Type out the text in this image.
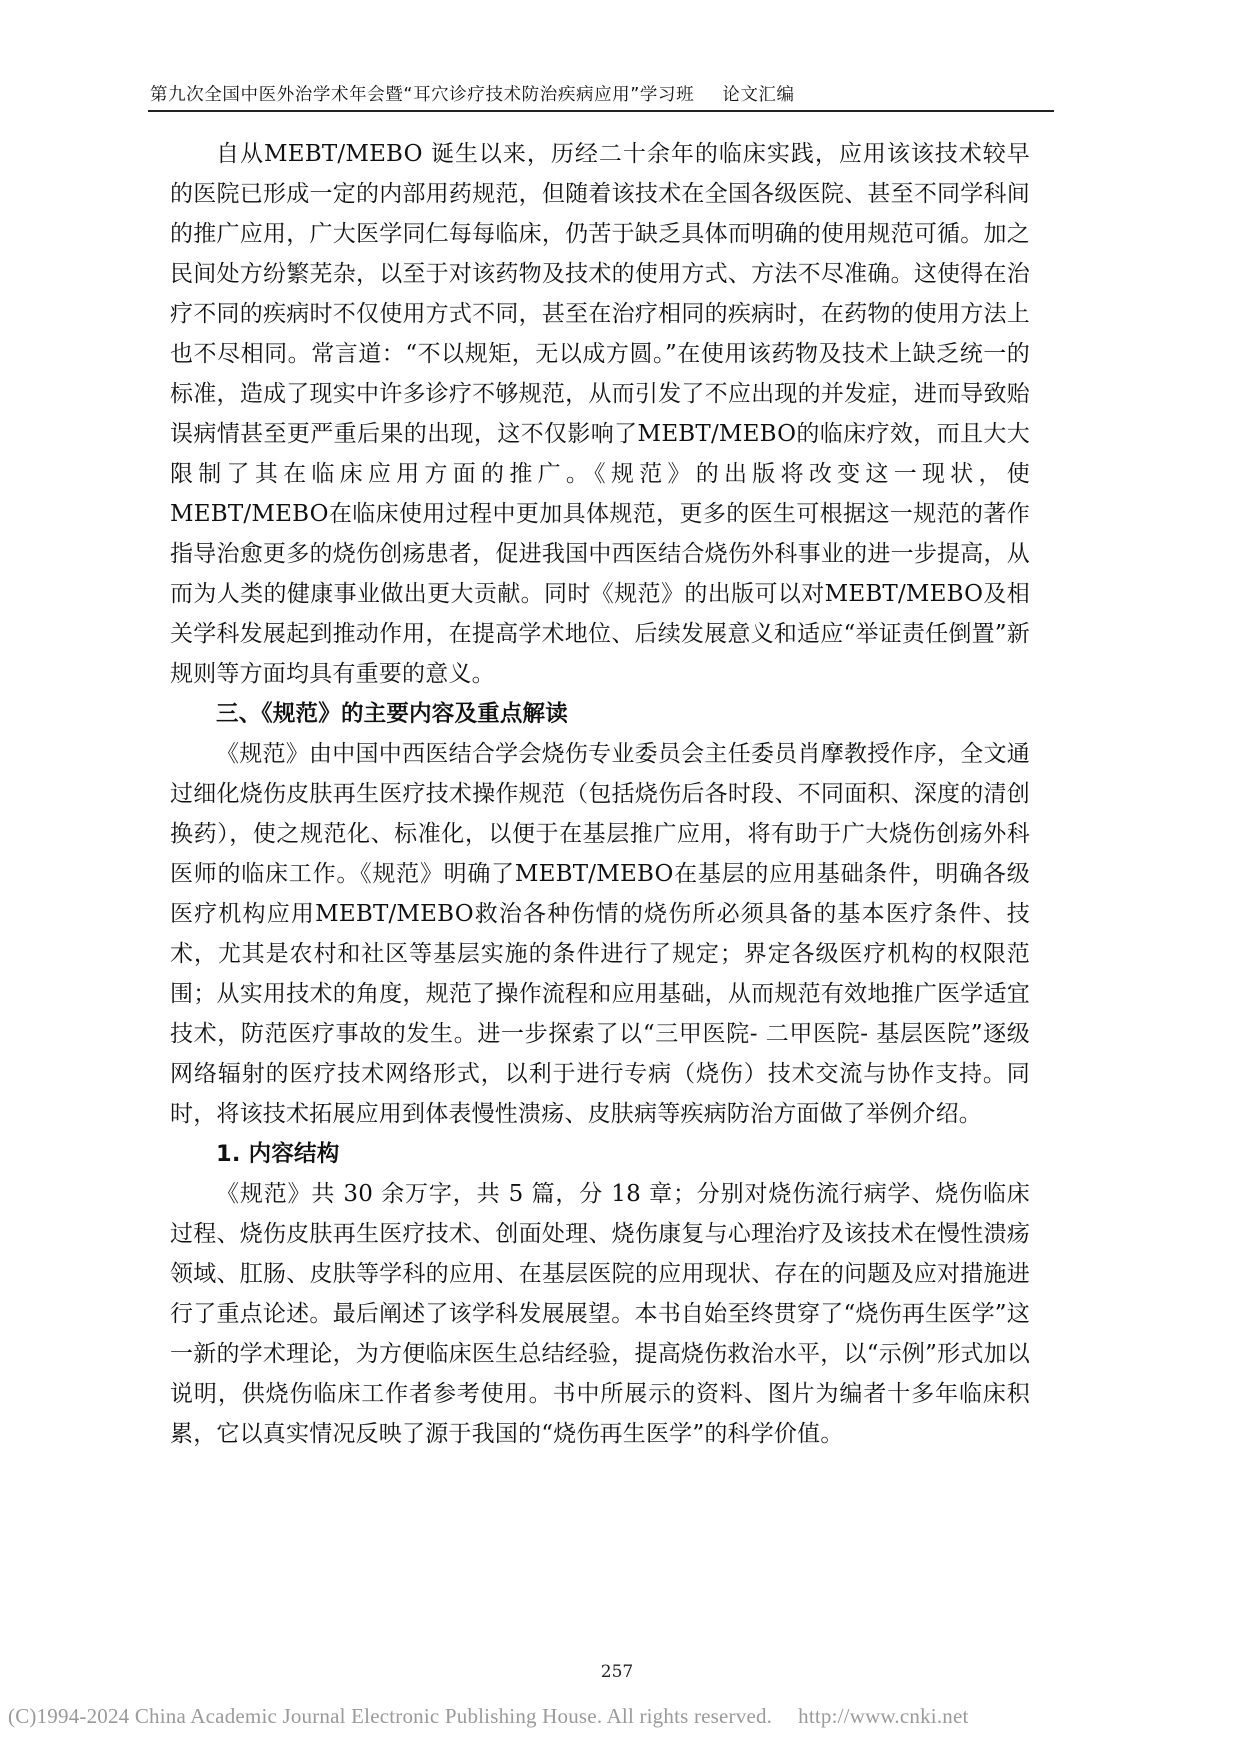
第九次全国中医外治学术年会暨“耳穴诊疗技术防治疾病应用”学习班 论文汇编

自从MEBT/MEBO 诞生以来，历经二十余年的临床实践，应用该该技术较早的医院已形成一定的内部用药规范，但随着该技术在全国各级医院、甚至不同学科间的推广应用，广大医学同仁每每临床，仍苦于缺乏具体而明确的使用规范可循。加之民间处方纷繁芜杂，以至于对该药物及技术的使用方式、方法不尽准确。这使得在治疗不同的疾病时不仅使用方式不同，甚至在治疗相同的疾病时，在药物的使用方法上也不尽相同。常言道：“不以规矩，无以成方圆。”在使用该药物及技术上缺乏统一的标准，造成了现实中许多诊疗不够规范，从而引发了不应出现的并发症，进而导致贻误病情甚至更严重后果的出现，这不仅影响了MEBT/MEBO的临床疗效，而且大大限制了其在临床应用方面的推广。《规范》的出版将改变这一现状，使MEBT/MEBO在临床使用过程中更加具体规范，更多的医生可根据这一规范的著作指导治愈更多的烧伤创疡患者，促进我国中西医结合烧伤外科事业的进一步提高，从而为人类的健康事业做出更大贡献。同时《规范》的出版可以对MEBT/MEBO及相关学科发展起到推动作用，在提高学术地位、后续发展意义和适应“举证责任倒置”新规则等方面均具有重要的意义。

三、《规范》的主要内容及重点解读

《规范》由中国中西医结合学会烧伤专业委员会主任委员肖摩教授作序，全文通过细化烧伤皮肤再生医疗技术操作规范（包括烧伤后各时段、不同面积、深度的清创换药），使之规范化、标准化，以便于在基层推广应用，将有助于广大烧伤创疡外科医师的临床工作。《规范》明确了MEBT/MEBO在基层的应用基础条件，明确各级医疗机构应用MEBT/MEBO救治各种伤情的烧伤所必须具备的基本医疗条件、技术，尤其是农村和社区等基层实施的条件进行了规定；界定各级医疗机构的权限范围；从实用技术的角度，规范了操作流程和应用基础，从而规范有效地推广医学适宜技术，防范医疗事故的发生。进一步探索了以“三甲医院- 二甲医院- 基层医院”逐级网络辐射的医疗技术网络形式，以利于进行专病（烧伤）技术交流与协作支持。同时，将该技术拓展应用到体表慢性溃疡、皮肤病等疾病防治方面做了举例介绍。

1. 内容结构

《规范》共 30 余万字，共 5 篇，分 18 章；分别对烧伤流行病学、烧伤临床过程、烧伤皮肤再生医疗技术、创面处理、烧伤康复与心理治疗及该技术在慢性溃疡领域、肛肠、皮肤等学科的应用、在基层医院的应用现状、存在的问题及应对措施进行了重点论述。最后阐述了该学科发展展望。本书自始至终贯穿了“烧伤再生医学”这一新的学术理论，为方便临床医生总结经验，提高烧伤救治水平，以“示例”形式加以说明，供烧伤临床工作者参考使用。书中所展示的资料、图片为编者十多年临床积累，它以真实情况反映了源于我国的“烧伤再生医学”的科学价值。

257
(C)1994-2024 China Academic Journal Electronic Publishing House. All rights reserved. http://www.cnki.net
